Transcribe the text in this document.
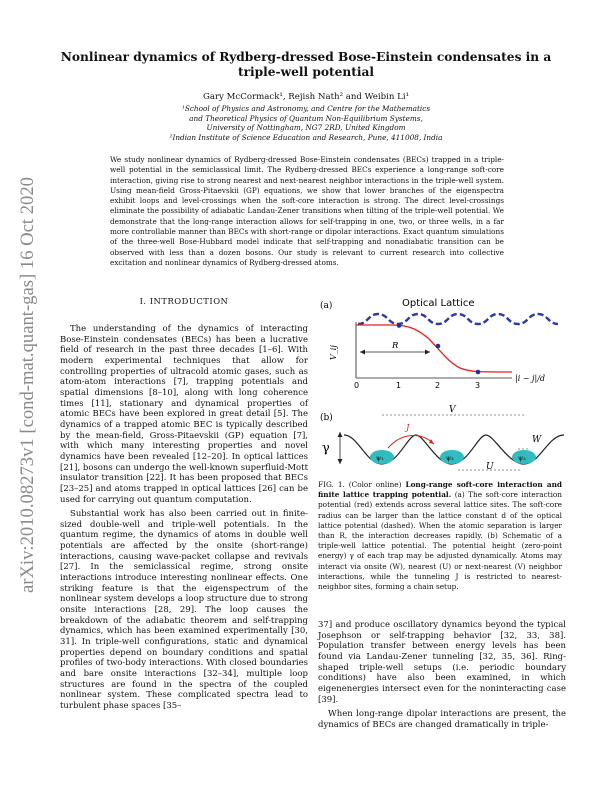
arXiv:2010.08273v1 [cond-mat.quant-gas] 16 Oct 2020
Nonlinear dynamics of Rydberg-dressed Bose-Einstein condensates in a triple-well potential
Gary McCormack¹, Rejish Nath² and Weibin Li¹
¹School of Physics and Astronomy, and Centre for the Mathematics
and Theoretical Physics of Quantum Non-Equilibrium Systems,
University of Nottingham, NG7 2RD, United Kingdom
²Indian Institute of Science Education and Research, Pune, 411008, India
We study nonlinear dynamics of Rydberg-dressed Bose-Einstein condensates (BECs) trapped in a triple-well potential in the semiclassical limit. The Rydberg-dressed BECs experience a long-range soft-core interaction, giving rise to strong nearest and next-nearest neighbor interactions in the triple-well system. Using mean-field Gross-Pitaevskii (GP) equations, we show that lower branches of the eigenspectra exhibit loops and level-crossings when the soft-core interaction is strong. The direct level-crossings eliminate the possibility of adiabatic Landau-Zener transitions when tilting of the triple-well potential. We demonstrate that the long-range interaction allows for self-trapping in one, two, or three wells, in a far more controllable manner than BECs with short-range or dipolar interactions. Exact quantum simulations of the three-well Bose-Hubbard model indicate that self-trapping and nonadiabatic transition can be observed with less than a dozen bosons. Our study is relevant to current research into collective excitation and nonlinear dynamics of Rydberg-dressed atoms.
I. INTRODUCTION

The understanding of the dynamics of interacting Bose-Einstein condensates (BECs) has been a lucrative field of research in the past three decades [1–6]. With modern experimental techniques that allow for controlling properties of ultracold atomic gases, such as atom-atom interactions [7], trapping potentials and spatial dimensions [8–10], along with long coherence times [11], stationary and dynamical properties of atomic BECs have been explored in great detail [5]. The dynamics of a trapped atomic BEC is typically described by the mean-field, Gross-Pitaevskii (GP) equation [7], with which many interesting properties and novel dynamics have been revealed [12–20]. In optical lattices [21], bosons can undergo the well-known superfluid-Mott insulator transition [22]. It has been proposed that BECs [23–25] and atoms trapped in optical lattices [26] can be used for carrying out quantum computation.

Substantial work has also been carried out in finite-sized double-well and triple-well potentials. In the quantum regime, the dynamics of atoms in double well potentials are affected by the onsite (short-range) interactions, causing wave-packet collapse and revivals [27]. In the semiclassical regime, strong onsite interactions introduce interesting nonlinear effects. One striking feature is that the eigenspectrum of the nonlinear system develops a loop structure due to strong onsite interactions [28, 29]. The loop causes the breakdown of the adiabatic theorem and self-trapping dynamics, which has been examined experimentally [30, 31]. In triple-well configurations, static and dynamical properties depend on boundary conditions and spatial profiles of two-body interactions. With closed boundaries and bare onsite interactions [32–34], multiple loop structures are found in the spectra of the coupled nonlinear system. These complicated spectra lead to turbulent phase spaces [35–

(a)	Optical Lattice
V_ij	R
0	1	2	3
|i − j|/d
(b)
γ
V
ψ₁	ψ₂	ψ₃
J
W
U
FIG. 1. (Color online) Long-range soft-core interaction and finite lattice trapping potential. (a) The soft-core interaction potential (red) extends across several lattice sites. The soft-core radius can be larger than the lattice constant d of the optical lattice potential (dashed). When the atomic separation is larger than R, the interaction decreases rapidly. (b) Schematic of a triple-well lattice potential. The potential height (zero-point energy) γ of each trap may be adjusted dynamically. Atoms may interact via onsite (W), nearest (U) or next-nearest (V) neighbor interactions, while the tunneling J is restricted to nearest-neighbor sites, forming a chain setup.

37] and produce oscillatory dynamics beyond the typical Josephson or self-trapping behavior [32, 33, 38]. Population transfer between energy levels has been found via Landau-Zener tunneling [32, 35, 36]. Ring-shaped triple-well setups (i.e. periodic boundary conditions) have also been examined, in which eigenenergies intersect even for the noninteracting case [39].

When long-range dipolar interactions are present, the dynamics of BECs are changed dramatically in triple-
